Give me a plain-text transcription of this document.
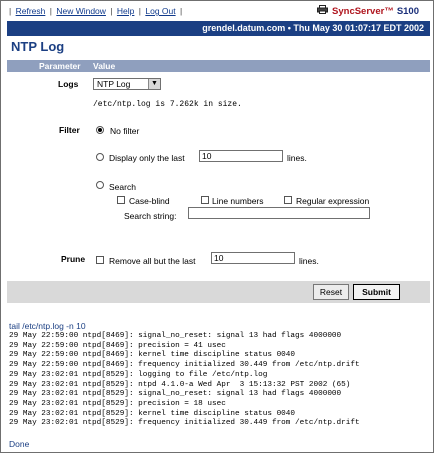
| Refresh | New Window | Help | Log Out |	SyncServer ™ S100
grendel.datum.com • Thu May 30 01:07:17 EDT 2002
NTP Log
Parameter Value
Logs	NTP Log	▼
/etc/ntp.log is 7.262k in size.
Filter	No filter
Display only the last	10	lines.
Search
Case-blind	Line numbers	Regular expression
Search string:
Prune	Remove all but the last	10	lines.
Reset	Submit
tail /etc/ntp.log -n 10
29 May 22:59:00 ntpd[8469]: signal_no_reset: signal 13 had flags 4000000
29 May 22:59:00 ntpd[8469]: precision = 41 usec
29 May 22:59:00 ntpd[8469]: kernel time discipline status 0040
29 May 22:59:00 ntpd[8469]: frequency initialized 30.449 from /etc/ntp.drift
29 May 23:02:01 ntpd[8529]: logging to file /etc/ntp.log
29 May 23:02:01 ntpd[8529]: ntpd 4.1.0-a Wed Apr  3 15:13:32 PST 2002 (65)
29 May 23:02:01 ntpd[8529]: signal_no_reset: signal 13 had flags 4000000
29 May 23:02:01 ntpd[8529]: precision = 18 usec
29 May 23:02:01 ntpd[8529]: kernel time discipline status 0040
29 May 23:02:01 ntpd[8529]: frequency initialized 30.449 from /etc/ntp.drift
Done
